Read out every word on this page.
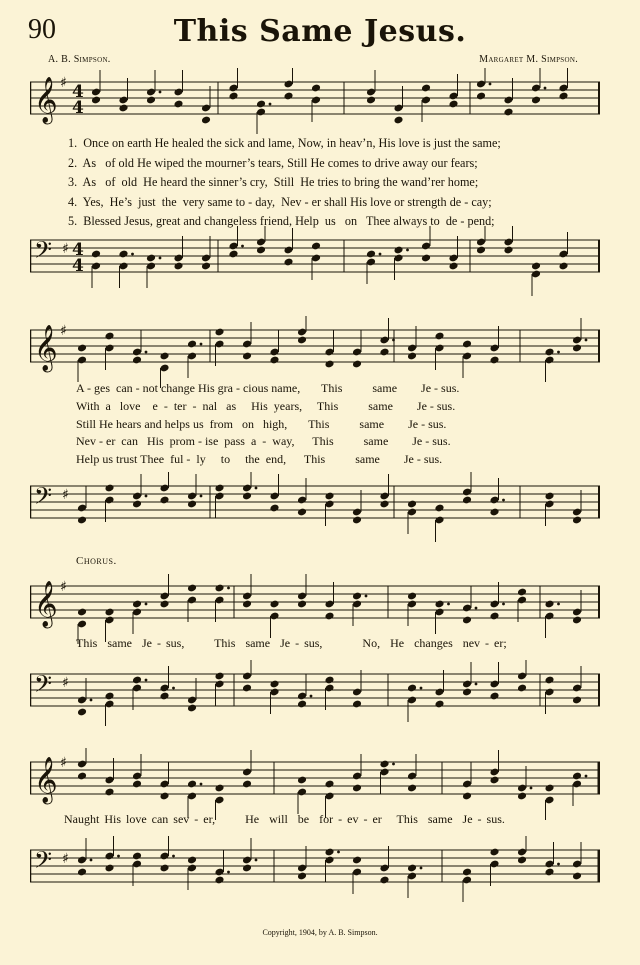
90	This Same Jesus.
A. B. Simpson.	Margaret M. Simpson.
𝄞 ♯ 4
4
1.  Once on earth He healed the sick and lame, Now, in heav’n, His love is just the same;
2.  As   of old He wiped the mourner’s tears, Still He comes to drive away our fears;
3.  As   of  old  He heard the sinner’s cry,  Still  He tries to bring the wand’rer home;
4.  Yes,  He’s  just  the  very same to - day,  Nev - er shall His love or strength de - cay;
5.  Blessed Jesus, great and changeless friend, Help  us   on   Thee always to  de - pend;
𝄢 ♯ 4
4
𝄞 ♯
A - ges  can - not change His gra - cious name,       This          same        Je - sus.
With  a   love    e  -  ter  -  nal   as     His  years,     This          same        Je - sus.
Still He hears and helps us  from   on   high,       This          same        Je - sus.
Nev - er  can   His  prom - ise  pass  a  -  way,      This          same        Je - sus.
Help us trust Thee  ful -  ly     to     the  end,      This          same        Je - sus.
𝄢 ♯
Chorus.
𝄞 ♯
This  same  Je - sus,      This  same  Je - sus,        No,  He  changes  nev - er;
𝄢 ♯
𝄞 ♯
Naught His love can sev - er,      He  will  be  for - ev - er   This  same  Je - sus.
𝄢 ♯
Copyright, 1904, by A. B. Simpson.
